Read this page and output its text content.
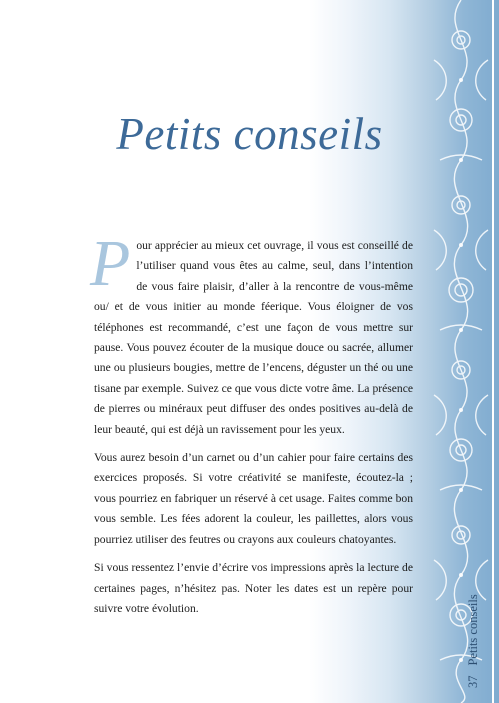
Petits conseils

Pour apprécier au mieux cet ouvrage, il vous est conseillé de l’utiliser quand vous êtes au calme, seul, dans l’intention de vous faire plaisir, d’aller à la rencontre de vous-même ou/ et de vous initier au monde féerique. Vous éloigner de vos téléphones est recommandé, c’est une façon de vous mettre sur pause. Vous pouvez écouter de la musique douce ou sacrée, allumer une ou plusieurs bougies, mettre de l’encens, déguster un thé ou une tisane par exemple. Suivez ce que vous dicte votre âme. La présence de pierres ou minéraux peut diffuser des ondes positives au-delà de leur beauté, qui est déjà un ravissement pour les yeux.

Vous aurez besoin d’un carnet ou d’un cahier pour faire certains des exercices proposés. Si votre créativité se manifeste, écoutez-la ; vous pourriez en fabriquer un réservé à cet usage. Faites comme bon vous semble. Les fées adorent la couleur, les paillettes, alors vous pourriez utiliser des feutres ou crayons aux couleurs chatoyantes.

Si vous ressentez l’envie d’écrire vos impressions après la lecture de certaines pages, n’hésitez pas. Noter les dates est un repère pour suivre votre évolution.

37Petits conseils
